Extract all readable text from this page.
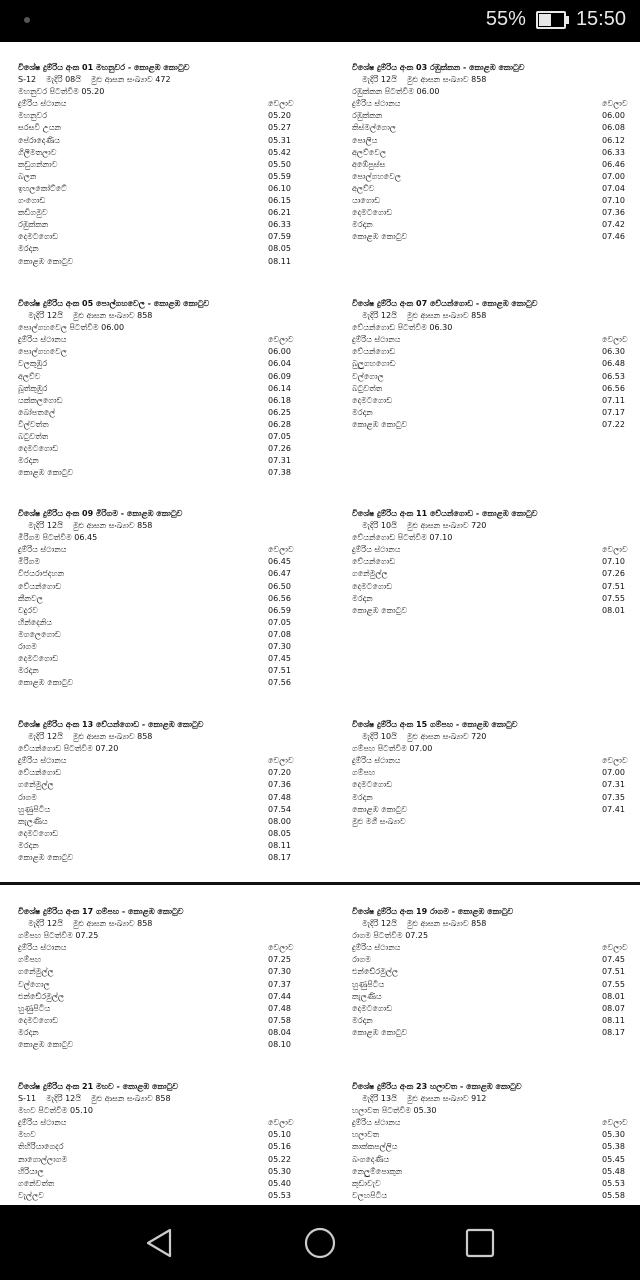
55%	15:50
විශේෂ දුම්රිය අංක 01 මහනුවර - කොළඹ කොටුව
S-12 මැදිරි 08යි මුළු ආසන සංඛ්‍යාව 472
මහනුවර පිටත්වීම 05.20
දුම්රිය ස්ථානය	වෙලාව
මහනුවර	05.20
සරසවි උයන	05.27
පේරාදෙණිය	05.31
ගිලීමතලාව	05.42
කඩුගන්නාව	05.50
බලන	05.59
ඉහලකෝට්ටේ	06.10
ගංගොඩ	06.15
කඩිගමුව	06.21
රඹුක්කන	06.33
දෙමටගොඩ	07.59
මරදාන	08.05
කොළඹ කොටුව	08.11
විශේෂ දුම්රිය අංක 03 රඹුක්කන - කොළඹ කොටුව
මැදිරි 12යි මුළු ආසන සංඛ්‍යාව 858
රඹුක්කන පිටත්වීම 06.00
දුම්රිය ස්ථානය	වෙලාව
රඹුක්කන	06.00
කිස්මල්ගොල	06.08
පොලිය	06.12
අලව්වෙල	06.33
අඹේපුස්ස	06.46
පොල්ගහවෙල	07.00
අලව්ව	07.04
යාගොඩ	07.10
දෙමටගොඩ	07.36
මරදාන	07.42
කොළඹ කොටුව	07.46
විශේෂ දුම්රිය අංක 05 පොල්ගහවෙල - කොළඹ කොටුව
මැදිරි 12යි මුළු ආසන සංඛ්‍යාව 858
පොල්ගහවෙල පිටත්වීම 06.00
දුම්රිය ස්ථානය	වෙලාව
පොල්ගහවෙල	06.00
වලකුඹුර	06.04
අලව්ව	06.09
බූත්කුඹුර	06.14
යක්කලගොඩ	06.18
බෝපතලේ	06.25
වීල්වත්ත	06.28
බටුවත්ත	07.05
දෙමටගොඩ	07.26
මරදාන	07.31
කොළඹ කොටුව	07.38
විශේෂ දුම්රිය අංක 07 වේයන්ගොඩ - කොළඹ කොටුව
මැදිරි 12යි මුළු ආසන සංඛ්‍යාව 858
වේයන්ගොඩ පිටත්වීම 06.30
දුම්රිය ස්ථානය	වෙලාව
වේයන්ගොඩ	06.30
බුලුගහගොඩ	06.48
වල්ගොල	06.53
බටුවත්ත	06.56
දෙමටගොඩ	07.11
මරදාන	07.17
කොළඹ කොටුව	07.22
විශේෂ දුම්රිය අංක 09 මීරිගම - කොළඹ කොටුව
මැදිරි 12යි මුළු ආසන සංඛ්‍යාව 858
මීරිගම පිටත්වීම 06.45
දුම්රිය ස්ථානය	වෙලාව
මීරිගම	06.45
විජයරාජදහන	06.47
වේයන්ගොඩ	06.50
කීනවල	06.56
වදුරව	06.59
හීන්දෙනිය	07.05
මගලෙගොඩ	07.08
රාගම	07.30
දෙමටගොඩ	07.45
මරදාන	07.51
කොළඹ කොටුව	07.56
විශේෂ දුම්රිය අංක 11 වේයන්ගොඩ - කොළඹ කොටුව
මැදිරි 10යි මුළු ආසන සංඛ්‍යාව 720
වේයන්ගොඩ පිටත්වීම 07.10
දුම්රිය ස්ථානය	වෙලාව
වේයන්ගොඩ	07.10
ගනේමුල්ල	07.26
දෙමටගොඩ	07.51
මරදාන	07.55
කොළඹ කොටුව	08.01
විශේෂ දුම්රිය අංක 13 වේයන්ගොඩ - කොළඹ කොටුව
මැදිරි 12යි මුළු ආසන සංඛ්‍යාව 858
වේයන්ගොඩ පිටත්වීම 07.20
දුම්රිය ස්ථානය	වෙලාව
වේයන්ගොඩ	07.20
ගනේමුල්ල	07.36
රාගම	07.48
හුණුපිටිය	07.54
කැලණිය	08.00
දෙමටගොඩ	08.05
මරදාන	08.11
කොළඹ කොටුව	08.17
විශේෂ දුම්රිය අංක 15 ගම්පහ - කොළඹ කොටුව
මැදිරි 10යි මුළු ආසන සංඛ්‍යාව 720
ගම්පහ පිටත්වීම 07.00
දුම්රිය ස්ථානය	වෙලාව
ගම්පහ	07.00
දෙමටගොඩ	07.31
මරදාන	07.35
කොළඹ කොටුව	07.41
මුළු මගී සංඛ්‍යාව
විශේෂ දුම්රිය අංක 17 ගම්පහ - කොළඹ කොටුව
මැදිරි 12යි මුළු ආසන සංඛ්‍යාව 858
ගම්පහ පිටත්වීම 07.25
දුම්රිය ස්ථානය	වෙලාව
ගම්පහ	07.25
ගනේමුල්ල	07.30
වල්ගොල	07.37
එන්ඩේරමුල්ල	07.44
හුණුපිටිය	07.48
දෙමටගොඩ	07.58
මරදාන	08.04
කොළඹ කොටුව	08.10
විශේෂ දුම්රිය අංක 19 රාගම - කොළඹ කොටුව
මැදිරි 12යි මුළු ආසන සංඛ්‍යාව 858
රාගම පිටත්වීම 07.25
දුම්රිය ස්ථානය	වෙලාව
රාගම	07.45
එන්ඩේරමුල්ල	07.51
හුණුපිටිය	07.55
කැලණිය	08.01
දෙමටගොඩ	08.07
මරදාන	08.11
කොළඹ කොටුව	08.17
විශේෂ දුම්රිය අංක 21 මහව - කොළඹ කොටුව
S-11 මැදිරි 12යි මුළු ආසන සංඛ්‍යාව 858
මහව පිටත්වීම 05.10
දුම්රිය ස්ථානය	වෙලාව
මහව	05.10
තිහිරියාගෙදර	05.16
නාගොල්ලාගම	05.22
හිරියාල	05.30
ගනේවත්ත	05.40
වැල්ලව	05.53
විශේෂ දුම්රිය අංක 23 හලාවත - කොළඹ කොටුව
මැදිරි 13යි මුළු ආසන සංඛ්‍යාව 912
හලාවත පිටත්වීම 05.30
දුම්රිය ස්ථානය	වෙලාව
හලාවත	05.30
කාක්කපල්ලිය	05.38
බංගදෙණිය	05.45
නෙලුම්පොකුන	05.48
කුඩාවැව	05.53
වලහපිටිය	05.58
